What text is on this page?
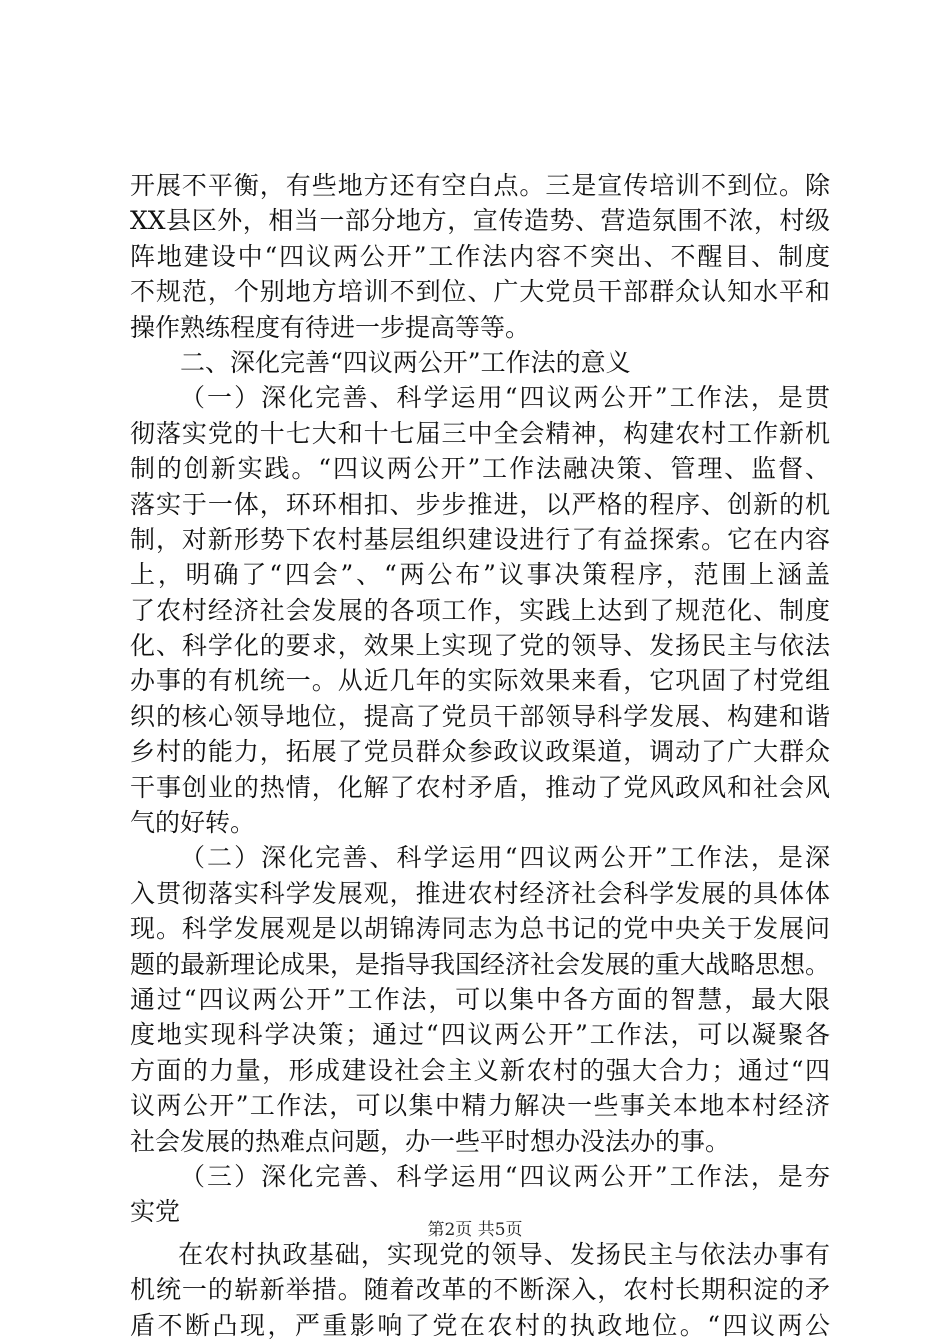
开展不平衡，有些地方还有空白点。三是宣传培训不到位。除
XX县区外，相当一部分地方，宣传造势、营造氛围不浓，村级
阵地建设中“四议两公开”工作法内容不突出、不醒目、制度
不规范，个别地方培训不到位、广大党员干部群众认知水平和
操作熟练程度有待进一步提高等等。
二、深化完善“四议两公开”工作法的意义
（一）深化完善、科学运用“四议两公开”工作法，是贯
彻落实党的十七大和十七届三中全会精神，构建农村工作新机
制的创新实践。“四议两公开”工作法融决策、管理、监督、
落实于一体，环环相扣、步步推进，以严格的程序、创新的机
制，对新形势下农村基层组织建设进行了有益探索。它在内容
上，明确了“四会”、“两公布”议事决策程序，范围上涵盖
了农村经济社会发展的各项工作，实践上达到了规范化、制度
化、科学化的要求，效果上实现了党的领导、发扬民主与依法
办事的有机统一。从近几年的实际效果来看，它巩固了村党组
织的核心领导地位，提高了党员干部领导科学发展、构建和谐
乡村的能力，拓展了党员群众参政议政渠道，调动了广大群众
干事创业的热情，化解了农村矛盾，推动了党风政风和社会风
气的好转。
（二）深化完善、科学运用“四议两公开”工作法，是深
入贯彻落实科学发展观，推进农村经济社会科学发展的具体体
现。科学发展观是以胡锦涛同志为总书记的党中央关于发展问
题的最新理论成果，是指导我国经济社会发展的重大战略思想。
通过“四议两公开”工作法，可以集中各方面的智慧，最大限
度地实现科学决策；通过“四议两公开”工作法，可以凝聚各
方面的力量，形成建设社会主义新农村的强大合力；通过“四
议两公开”工作法，可以集中精力解决一些事关本地本村经济
社会发展的热难点问题，办一些平时想办没法办的事。
（三）深化完善、科学运用“四议两公开”工作法，是夯
实党
在农村执政基础，实现党的领导、发扬民主与依法办事有
机统一的崭新举措。随着改革的不断深入，农村长期积淀的矛
盾不断凸现，严重影响了党在农村的执政地位。“四议两公
第2页 共5页
